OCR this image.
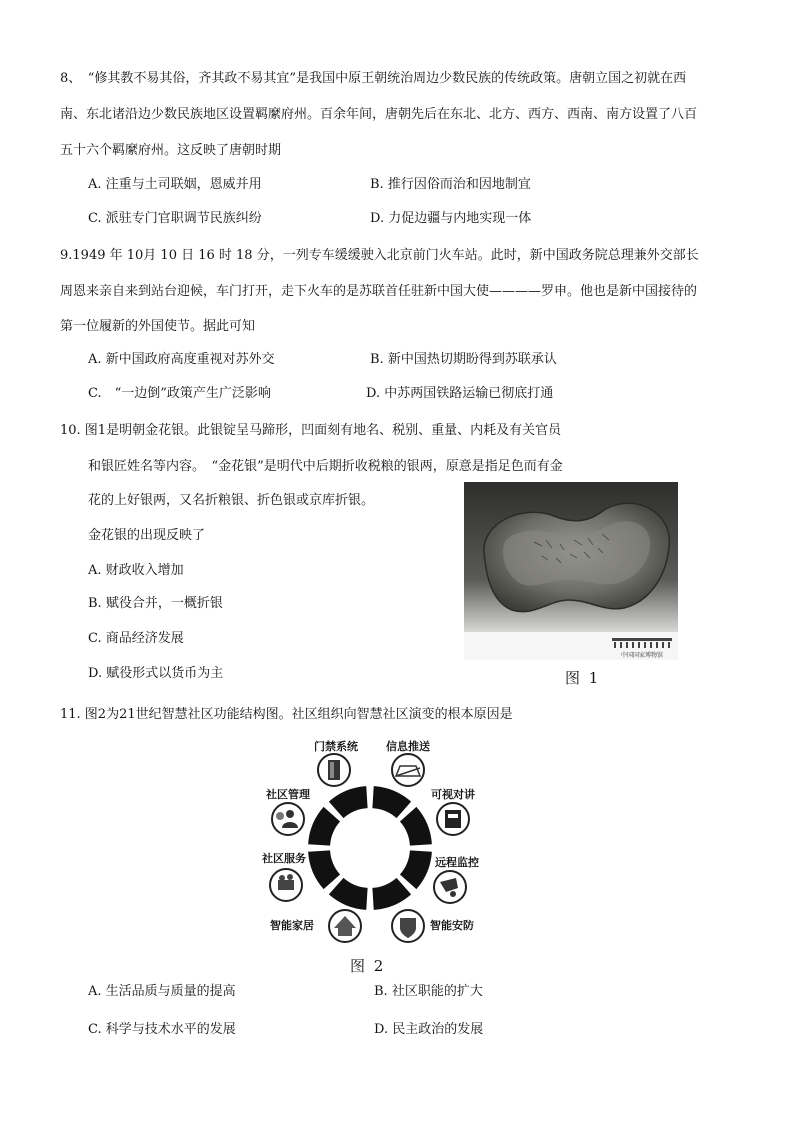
8、　“修其教不易其俗，齐其政不易其宜”是我国中原王朝统治周边少数民族的传统政策。唐朝立国之初就在西
南、东北诸沿边少数民族地区设置羁縻府州。百余年间，唐朝先后在东北、北方、西方、西南、南方设置了八百
五十六个羁縻府州。这反映了唐朝时期
A. 注重与土司联姻，恩威并用	B. 推行因俗而治和因地制宜
C. 派驻专门官职调节民族纠纷	D. 力促边疆与内地实现一体
9.1949 年 10月 10 日 16 时 18 分，一列专车缓缓驶入北京前门火车站。此时，新中国政务院总理兼外交部长
周恩来亲自来到站台迎候，车门打开，走下火车的是苏联首任驻新中国大使————罗申。他也是新中国接待的
第一位履新的外国使节。据此可知
A. 新中国政府高度重视对苏外交	B. 新中国热切期盼得到苏联承认
C.　“一边倒”政策产生广泛影响	D. 中苏两国铁路运输已彻底打通
10. 图1是明朝金花银。此银锭呈马蹄形，凹面刻有地名、税别、重量、内耗及有关官员
和银匠姓名等内容。　“金花银”是明代中后期折收税粮的银两，原意是指足色而有金
花的上好银两，又名折粮银、折色银或京库折银。
金花银的出现反映了
A. 财政收入增加
B. 赋役合并，一概折银
C. 商品经济发展
D. 赋役形式以货币为主
中国国家博物馆
图 1
11. 图2为21世纪智慧社区功能结构图。社区组织向智慧社区演变的根本原因是
门禁系统	信息推送
可视对讲
远程监控
智能安防
智能家居
社区服务
社区管理
图 2
A. 生活品质与质量的提高	B. 社区职能的扩大
C. 科学与技术水平的发展	D. 民主政治的发展
